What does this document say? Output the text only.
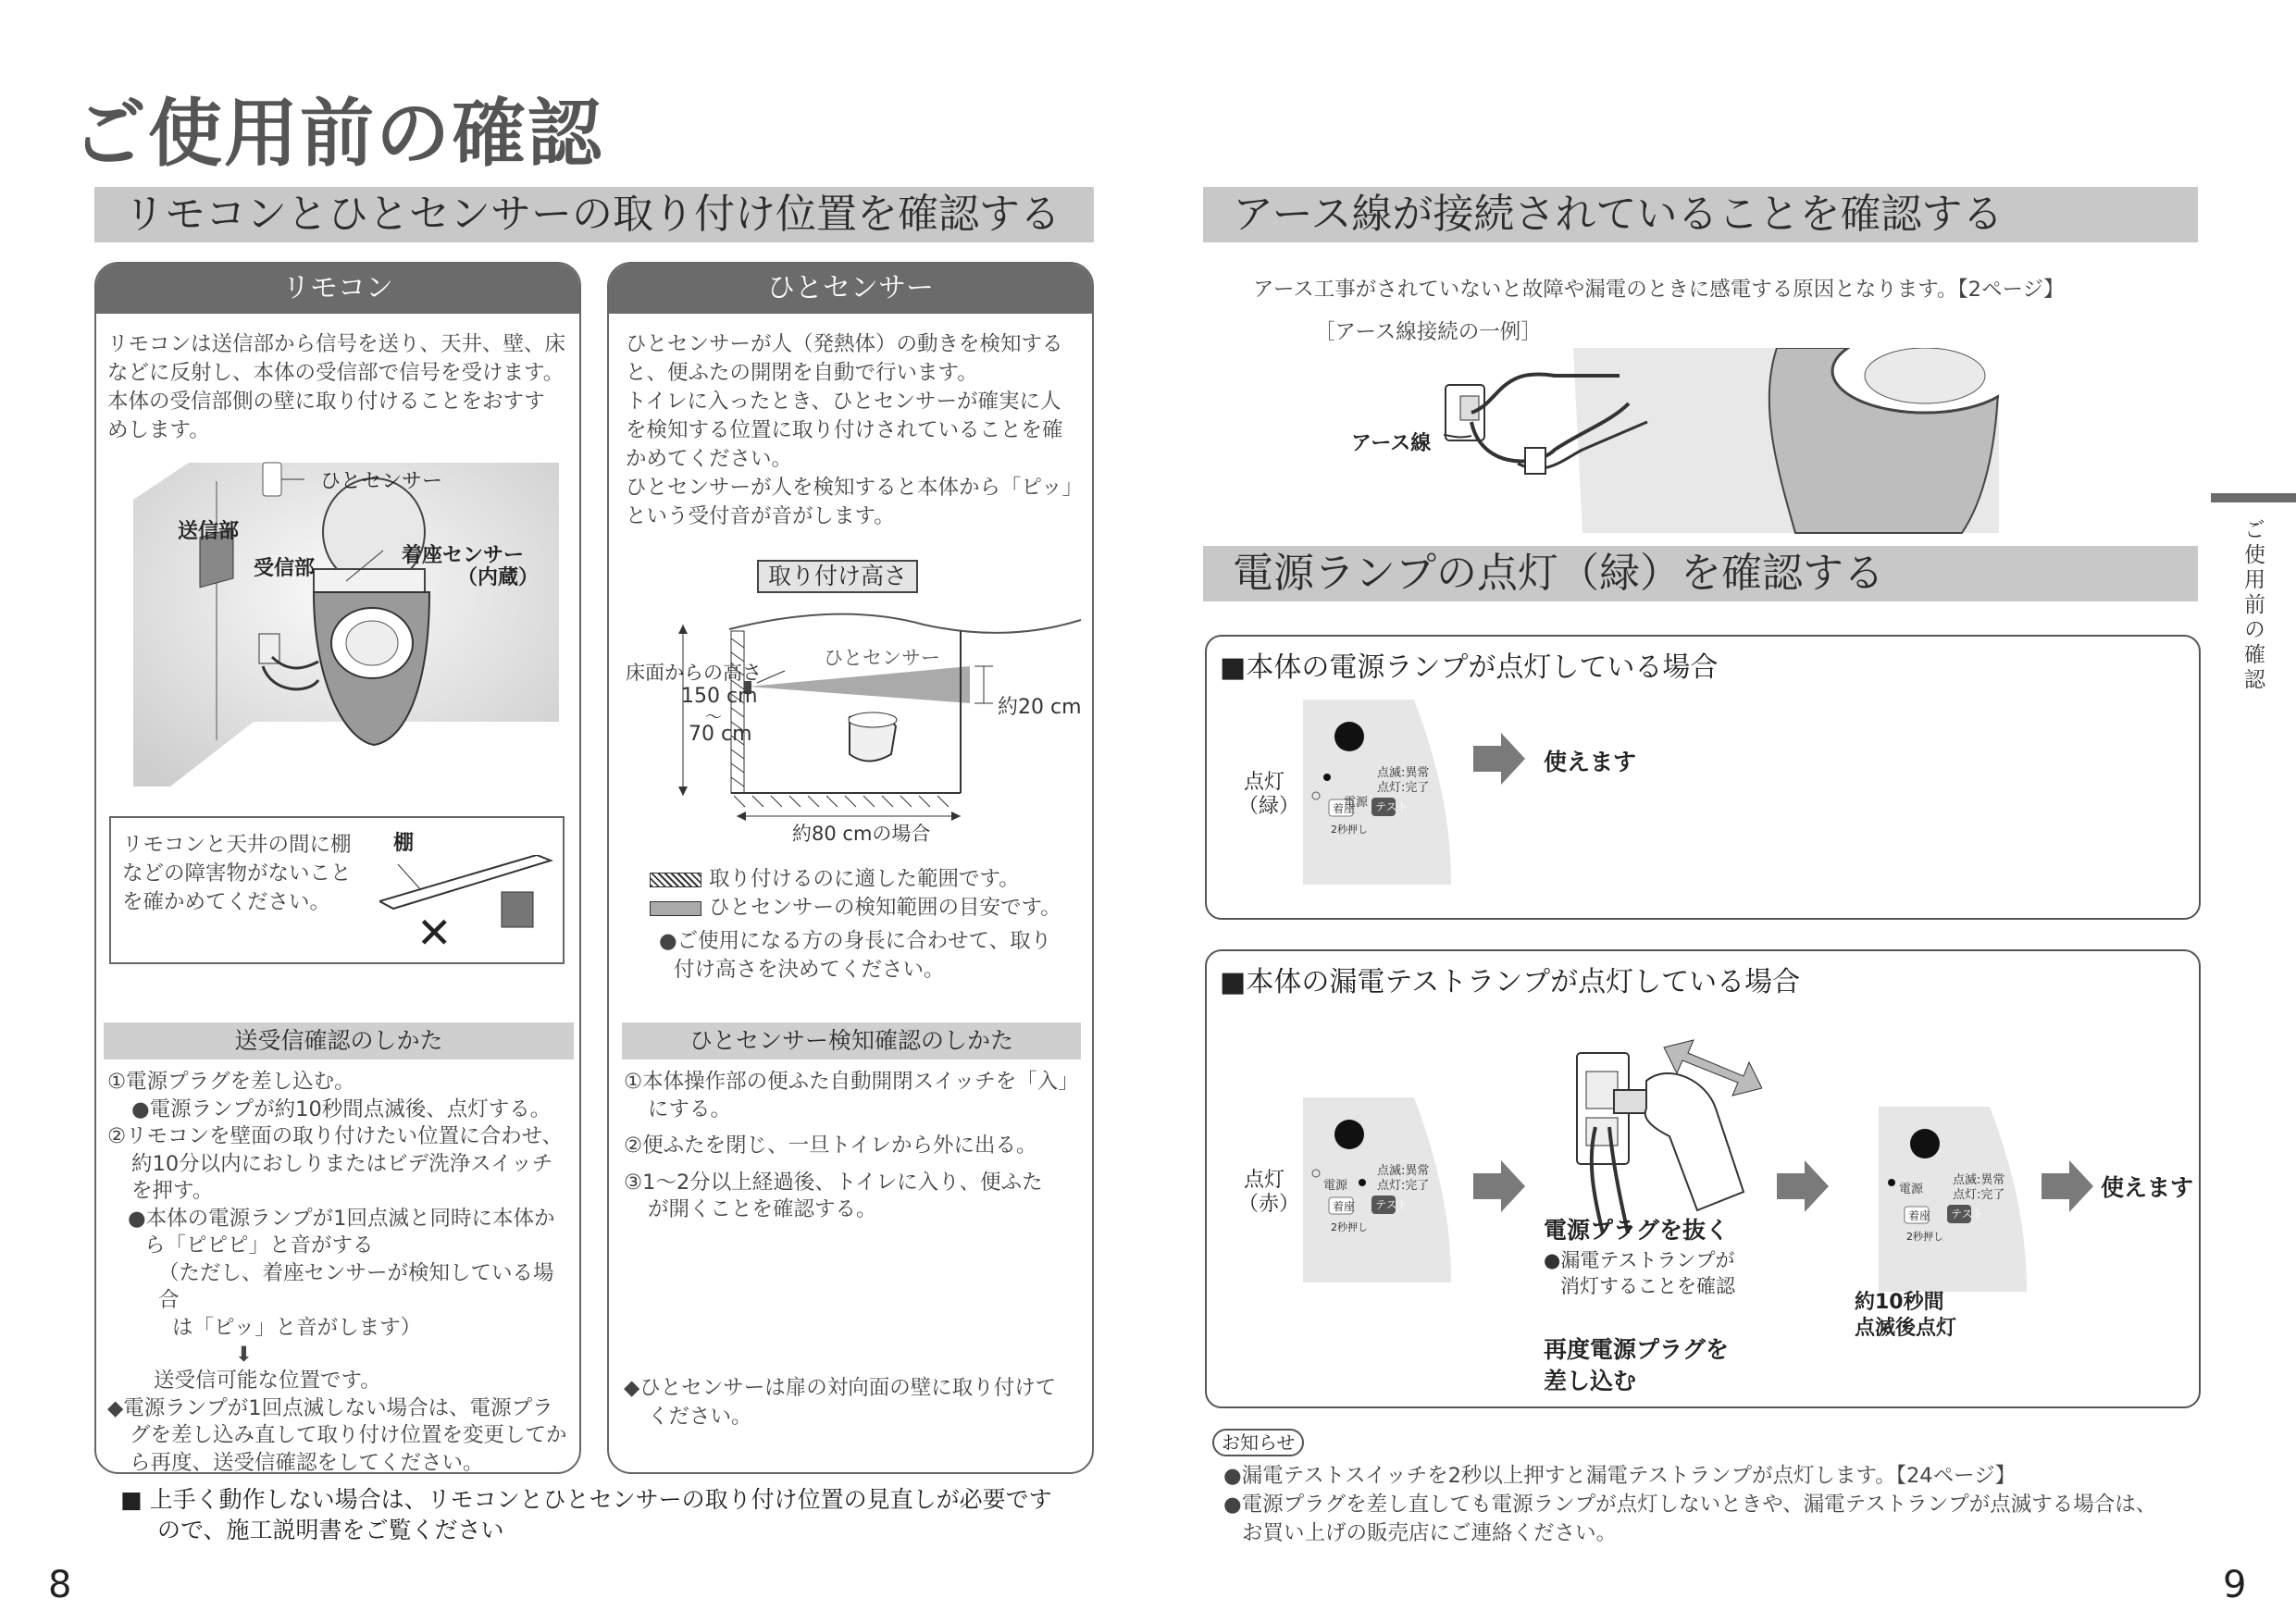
ご使用前の確認
リモコンとひとセンサーの取り付け位置を確認する
リモコン
リモコンは送信部から信号を送り、天井、壁、床
などに反射し、本体の受信部で信号を受けます。
本体の受信部側の壁に取り付けることをおすす
めします。
ひとセンサー
送信部
受信部
着座センサー
（内蔵）
リモコンと天井の間に棚
などの障害物がないこと
を確かめてください。
棚
✕
送受信確認のしかた
①電源プラグを差し込む。
●電源ランプが約10秒間点滅後、点灯する。
②リモコンを壁面の取り付けたい位置に合わせ、
約10分以内におしりまたはビデ洗浄スイッチ
を押す。
●本体の電源ランプが1回点滅と同時に本体か
ら「ピピピ」と音がする
（ただし、着座センサーが検知している場合
は「ピッ」と音がします）
⬇
送受信可能な位置です。
◆電源ランプが1回点滅しない場合は、電源プラ
グを差し込み直して取り付け位置を変更してか
ら再度、送受信確認をしてください。
ひとセンサー
ひとセンサーが人（発熱体）の動きを検知する
と、便ふたの開閉を自動で行います。
トイレに入ったとき、ひとセンサーが確実に人
を検知する位置に取り付けされていることを確
かめてください。
ひとセンサーが人を検知すると本体から「ピッ」
という受付音が音がします。
取り付け高さ
床面からの高さ
150 cm
〜
70 cm
ひとセンサー
約20 cm
約80 cmの場合
取り付けるのに適した範囲です。
ひとセンサーの検知範囲の目安です。
●ご使用になる方の身長に合わせて、取り
付け高さを決めてください。
ひとセンサー検知確認のしかた
①本体操作部の便ふた自動開閉スイッチを「入」
にする。
②便ふたを閉じ、一旦トイレから外に出る。
③1〜2分以上経過後、トイレに入り、便ふた
が開くことを確認する。
◆ひとセンサーは扉の対向面の壁に取り付けて
ください。
■ 上手く動作しない場合は、リモコンとひとセンサーの取り付け位置の見直しが必要です
ので、施工説明書をご覧ください
8
アース線が接続されていることを確認する
アース工事がされていないと故障や漏電のときに感電する原因となります。【2ページ】
［アース線接続の一例］
アース線
電源ランプの点灯（緑）を確認する
■本体の電源ランプが点灯している場合
電源
点滅:異常
点灯:完了
着座 テスト
2秒押し
点灯
（緑）
使えます
■本体の漏電テストランプが点灯している場合
電源
点滅:異常
点灯:完了
着座 テスト
2秒押し
点灯
（赤）
電源プラグを抜く
●漏電テストランプが
消灯することを確認
再度電源プラグを
差し込む
電源
点滅:異常
点灯:完了
着座 テスト
2秒押し
約10秒間
点滅後点灯
使えます
お知らせ
●漏電テストスイッチを2秒以上押すと漏電テストランプが点灯します。【24ページ】
●電源プラグを差し直しても電源ランプが点灯しないときや、漏電テストランプが点滅する場合は、
お買い上げの販売店にご連絡ください。
ご使用前の確認
9
